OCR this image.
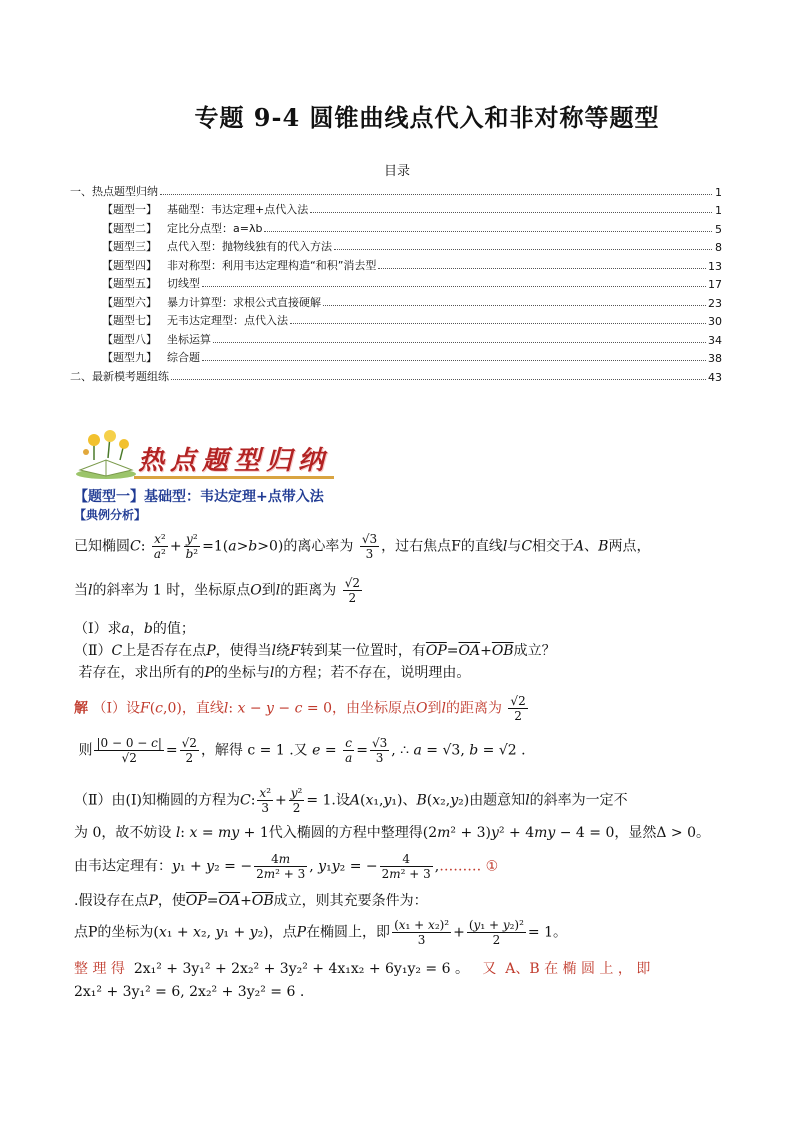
专题 9-4 圆锥曲线点代入和非对称等题型
目录
一、热点题型归纳	1
【题型一】 基础型：韦达定理+点代入法	1
【题型二】 定比分点型：a=λb	5
【题型三】 点代入型：抛物线独有的代入方法	8
【题型四】 非对称型：利用韦达定理构造“和积”消去型	13
【题型五】 切线型	17
【题型六】 暴力计算型：求根公式直接硬解	23
【题型七】 无韦达定理型：点代入法	30
【题型八】 坐标运算	34
【题型九】 综合题	38
二、最新模考题组练	43
热点题型归纳
【题型一】基础型：韦达定理+点带入法
【典例分析】
已知椭圆C: $\frac{\text{x²}}{\text{a²}} + \frac{\text{y²}}{\text{b²}} =1(a>b>0)$的离心率为 $\frac{√3}{3}$ ，过右焦点F的直线l与C相交于A、B两点，
当l的斜率为 1 时，坐标原点O到l的距离为 $\frac{√2}{2}$
（Ⅰ）求a，b的值；
（Ⅱ）C上是否存在点P，使得当l绕F转到某一位置时，有$\overline{OP}=\overline{OA}+\overline{OB}$成立？
若存在，求出所有的P的坐标与l的方程；若不存在，说明理由。
解 （Ⅰ）设F(c,0)，直线l: x − y − c = 0，由坐标原点O到l的距离为 $\frac{√2}{2}$
则 $\frac{|0 - 0 - c|}{√2} = \frac{√2}{2}$ ，解得 c = 1 .又 $e = \frac{c}{a} = \frac{√3}{3}$ , ∴ a = √3, b = √2 .
（Ⅱ）由(Ⅰ)知椭圆的方程为C: $\frac{\text{x²}}{3} + \frac{\text{y²}}{2} = 1$.设A(x₁,y₁)、B(x₂,y₂)由题意知l的斜率为一定不
为 0，故不妨设 l: x = my + 1代入椭圆的方程中整理得(2m² + 3)y² + 4my − 4 = 0，显然Δ > 0。
由韦达定理有：y₁ + y₂ = − $\frac{4m}{\text{2m² + 3}}$ , y₁y₂ = − $\frac{4}{\text{2m² + 3}}$ ,……… ①
.假设存在点P，使$\overline{OP}=\overline{OA}+\overline{OB}$成立，则其充要条件为：
点P的坐标为(x₁ + x₂, y₁ + y₂)，点P在椭圆上，即 $\frac{\text{(x₁ + x₂)²}}{3} + \frac{\text{(y₁ + y₂)²}}{2} = 1$。
整 理 得 2x₁² + 3y₁² + 2x₂² + 3y₂² + 4x₁x₂ + 6y₁y₂ = 6 。 又 A、B 在 椭 圆 上 ， 即
2x₁² + 3y₁² = 6, 2x₂² + 3y₂² = 6 .
